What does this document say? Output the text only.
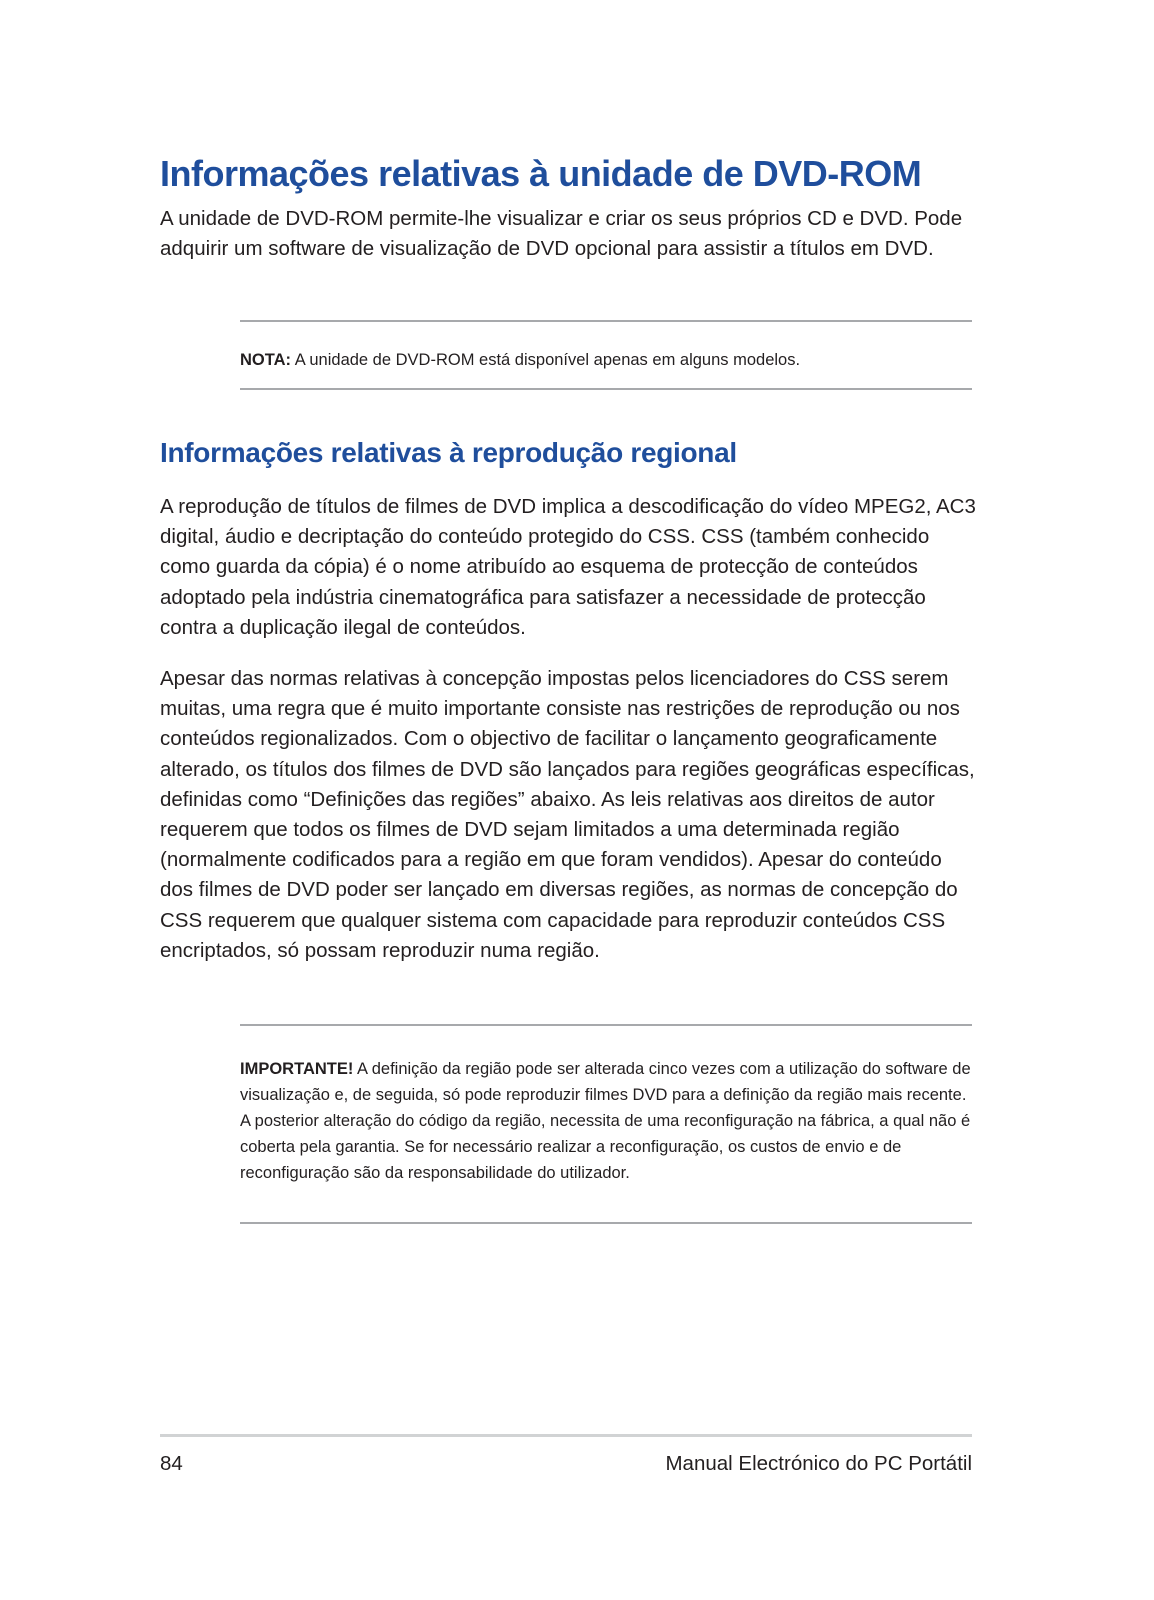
Informações relativas à unidade de DVD-ROM

A unidade de DVD-ROM permite-lhe visualizar e criar os seus próprios CD e DVD. Pode adquirir um software de visualização de DVD opcional para assistir a títulos em DVD.

NOTA: A unidade de DVD-ROM está disponível apenas em alguns modelos.

Informações relativas à reprodução regional

A reprodução de títulos de filmes de DVD implica a descodificação do vídeo MPEG2, AC3 digital, áudio e decriptação do conteúdo protegido do CSS. CSS (também conhecido como guarda da cópia) é o nome atribuído ao esquema de protecção de conteúdos adoptado pela indústria cinematográfica para satisfazer a necessidade de protecção contra a duplicação ilegal de conteúdos.

Apesar das normas relativas à concepção impostas pelos licenciadores do CSS serem muitas, uma regra que é muito importante consiste nas restrições de reprodução ou nos conteúdos regionalizados. Com o objectivo de facilitar o lançamento geograficamente alterado, os títulos dos filmes de DVD são lançados para regiões geográficas específicas, definidas como “Definições das regiões” abaixo. As leis relativas aos direitos de autor requerem que todos os filmes de DVD sejam limitados a uma determinada região (normalmente codificados para a região em que foram vendidos). Apesar do conteúdo dos filmes de DVD poder ser lançado em diversas regiões, as normas de concepção do CSS requerem que qualquer sistema com capacidade para reproduzir conteúdos CSS encriptados, só possam reproduzir numa região.

IMPORTANTE! A definição da região pode ser alterada cinco vezes com a utilização do software de visualização e, de seguida, só pode reproduzir filmes DVD para a definição da região mais recente. A posterior alteração do código da região, necessita de uma reconfiguração na fábrica, a qual não é coberta pela garantia. Se for necessário realizar a reconfiguração, os custos de envio e de reconfiguração são da responsabilidade do utilizador.

84	Manual Electrónico do PC Portátil
